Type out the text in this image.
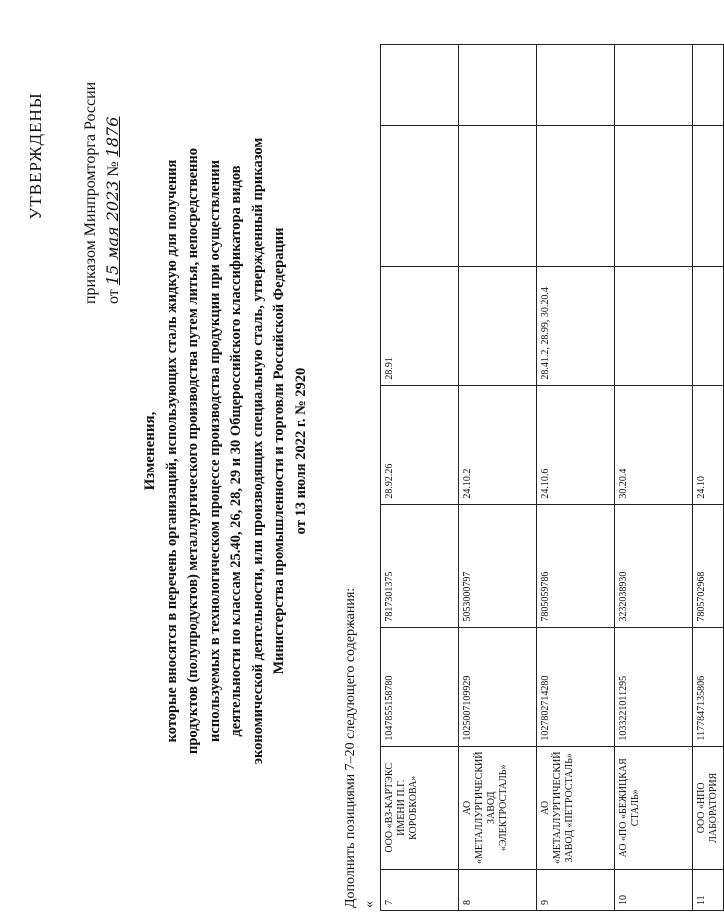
УТВЕРЖДЕНЫ приказом Минпромторга России от 15 мая 2023 № 1876
Изменения, которые вносятся в перечень организаций, использующих сталь жидкую для получения продуктов (полупродуктов) металлургического производства путем литья, непосредственно используемых в технологическом процессе производства продукции при осуществлении деятельности по классам 25.40, 26, 28, 29 и 30 Общероссийского классификатора видов экономической деятельности, или производящих специальную сталь, утвержденный приказом Министерства промышленности и торговли Российской Федерации от 13 июля 2022 г. № 2920
Дополнить позициями 7–20 следующего содержания: « 7	ООО «ВЗ-КАРТЭКС ИМЕНИ П.Г. КОРОБКОВА»	1047855158780	7817301375	28.92.26	28.91		
8	АО «МЕТАЛЛУРГИЧЕСКИЙ ЗАВОД «ЭЛЕКТРОСТАЛЬ»	1025007109929	5053000797	24.10.2			
9	АО «МЕТАЛЛУРГИЧЕСКИЙ ЗАВОД «ПЕТРОСТАЛЬ»	1027802714280	7805059786	24.10.6	28.41.2, 28.99, 30.20.4		
10	АО «ПО «БЕЖИЦКАЯ СТАЛЬ»	1033221011295	3232038930	30.20.4			
11	ООО «НПО ЛАБОРАТОРИЯ	1177847135806	7805702968	24.10			
